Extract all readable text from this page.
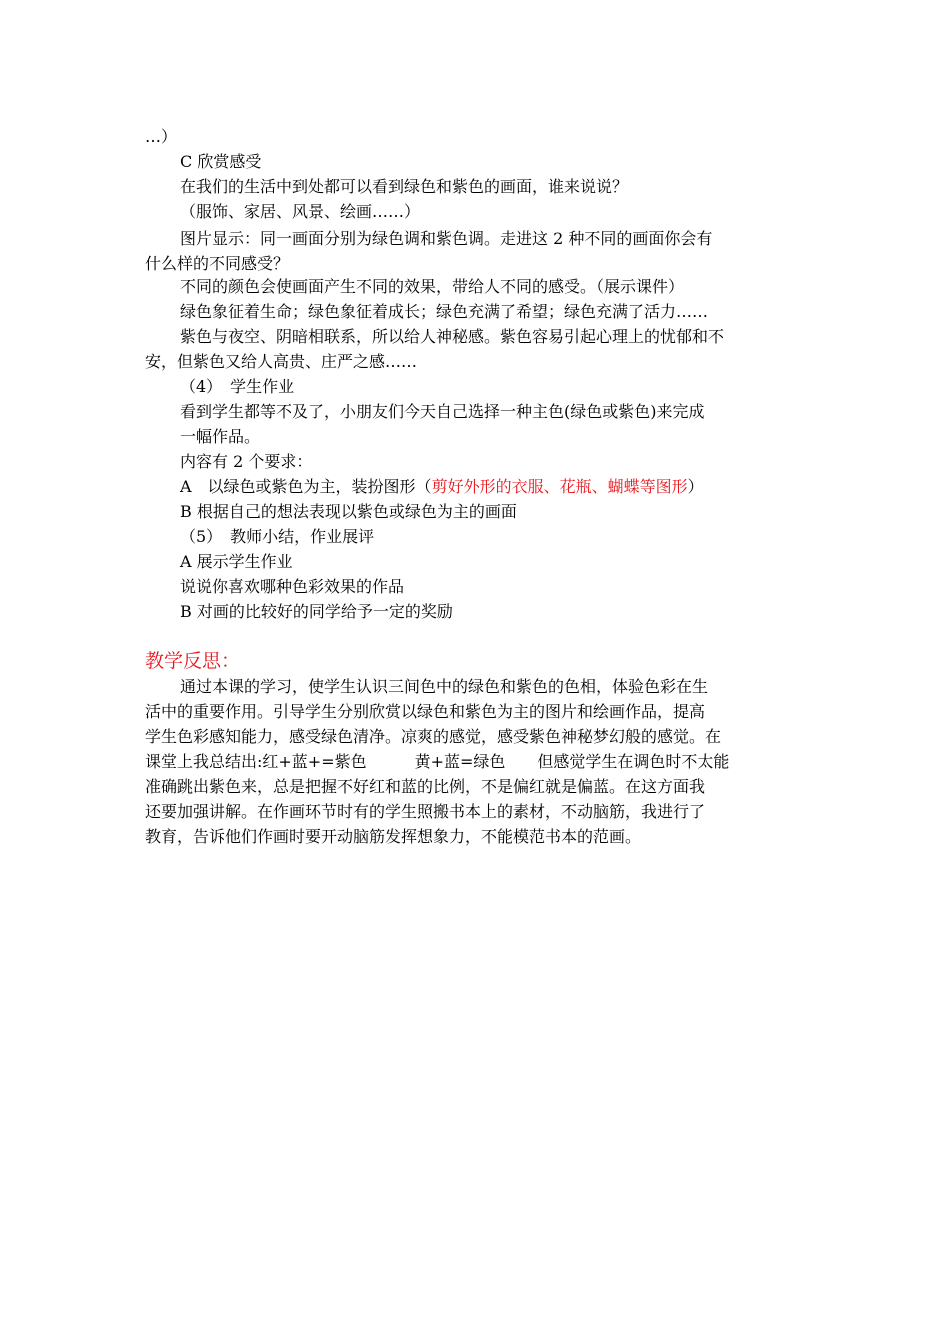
…）
C 欣赏感受
在我们的生活中到处都可以看到绿色和紫色的画面，谁来说说？
（服饰、家居、风景、绘画……）
图片显示：同一画面分别为绿色调和紫色调。走进这 2 种不同的画面你会有
什么样的不同感受？
不同的颜色会使画面产生不同的效果，带给人不同的感受。（展示课件）
绿色象征着生命；绿色象征着成长；绿色充满了希望；绿色充满了活力……
紫色与夜空、阴暗相联系，所以给人神秘感。紫色容易引起心理上的忧郁和不
安，但紫色又给人高贵、庄严之感……
（4）　学生作业
看到学生都等不及了，小朋友们今天自己选择一种主色(绿色或紫色)来完成
一幅作品。
内容有 2 个要求：
A　以绿色或紫色为主，装扮图形（剪好外形的衣服、花瓶、蝴蝶等图形）
B 根据自己的想法表现以紫色或绿色为主的画面
（5）　教师小结，作业展评
A 展示学生作业
说说你喜欢哪种色彩效果的作品
B 对画的比较好的同学给予一定的奖励
教学反思：
通过本课的学习，使学生认识三间色中的绿色和紫色的色相，体验色彩在生
活中的重要作用。引导学生分别欣赏以绿色和紫色为主的图片和绘画作品，提高
学生色彩感知能力，感受绿色清净。凉爽的感觉，感受紫色神秘梦幻般的感觉。在
课堂上我总结出:红+蓝+=紫色　　　黄+蓝=绿色　　但感觉学生在调色时不太能
准确跳出紫色来，总是把握不好红和蓝的比例，不是偏红就是偏蓝。在这方面我
还要加强讲解。在作画环节时有的学生照搬书本上的素材，不动脑筋，我进行了
教育，告诉他们作画时要开动脑筋发挥想象力，不能模范书本的范画。
